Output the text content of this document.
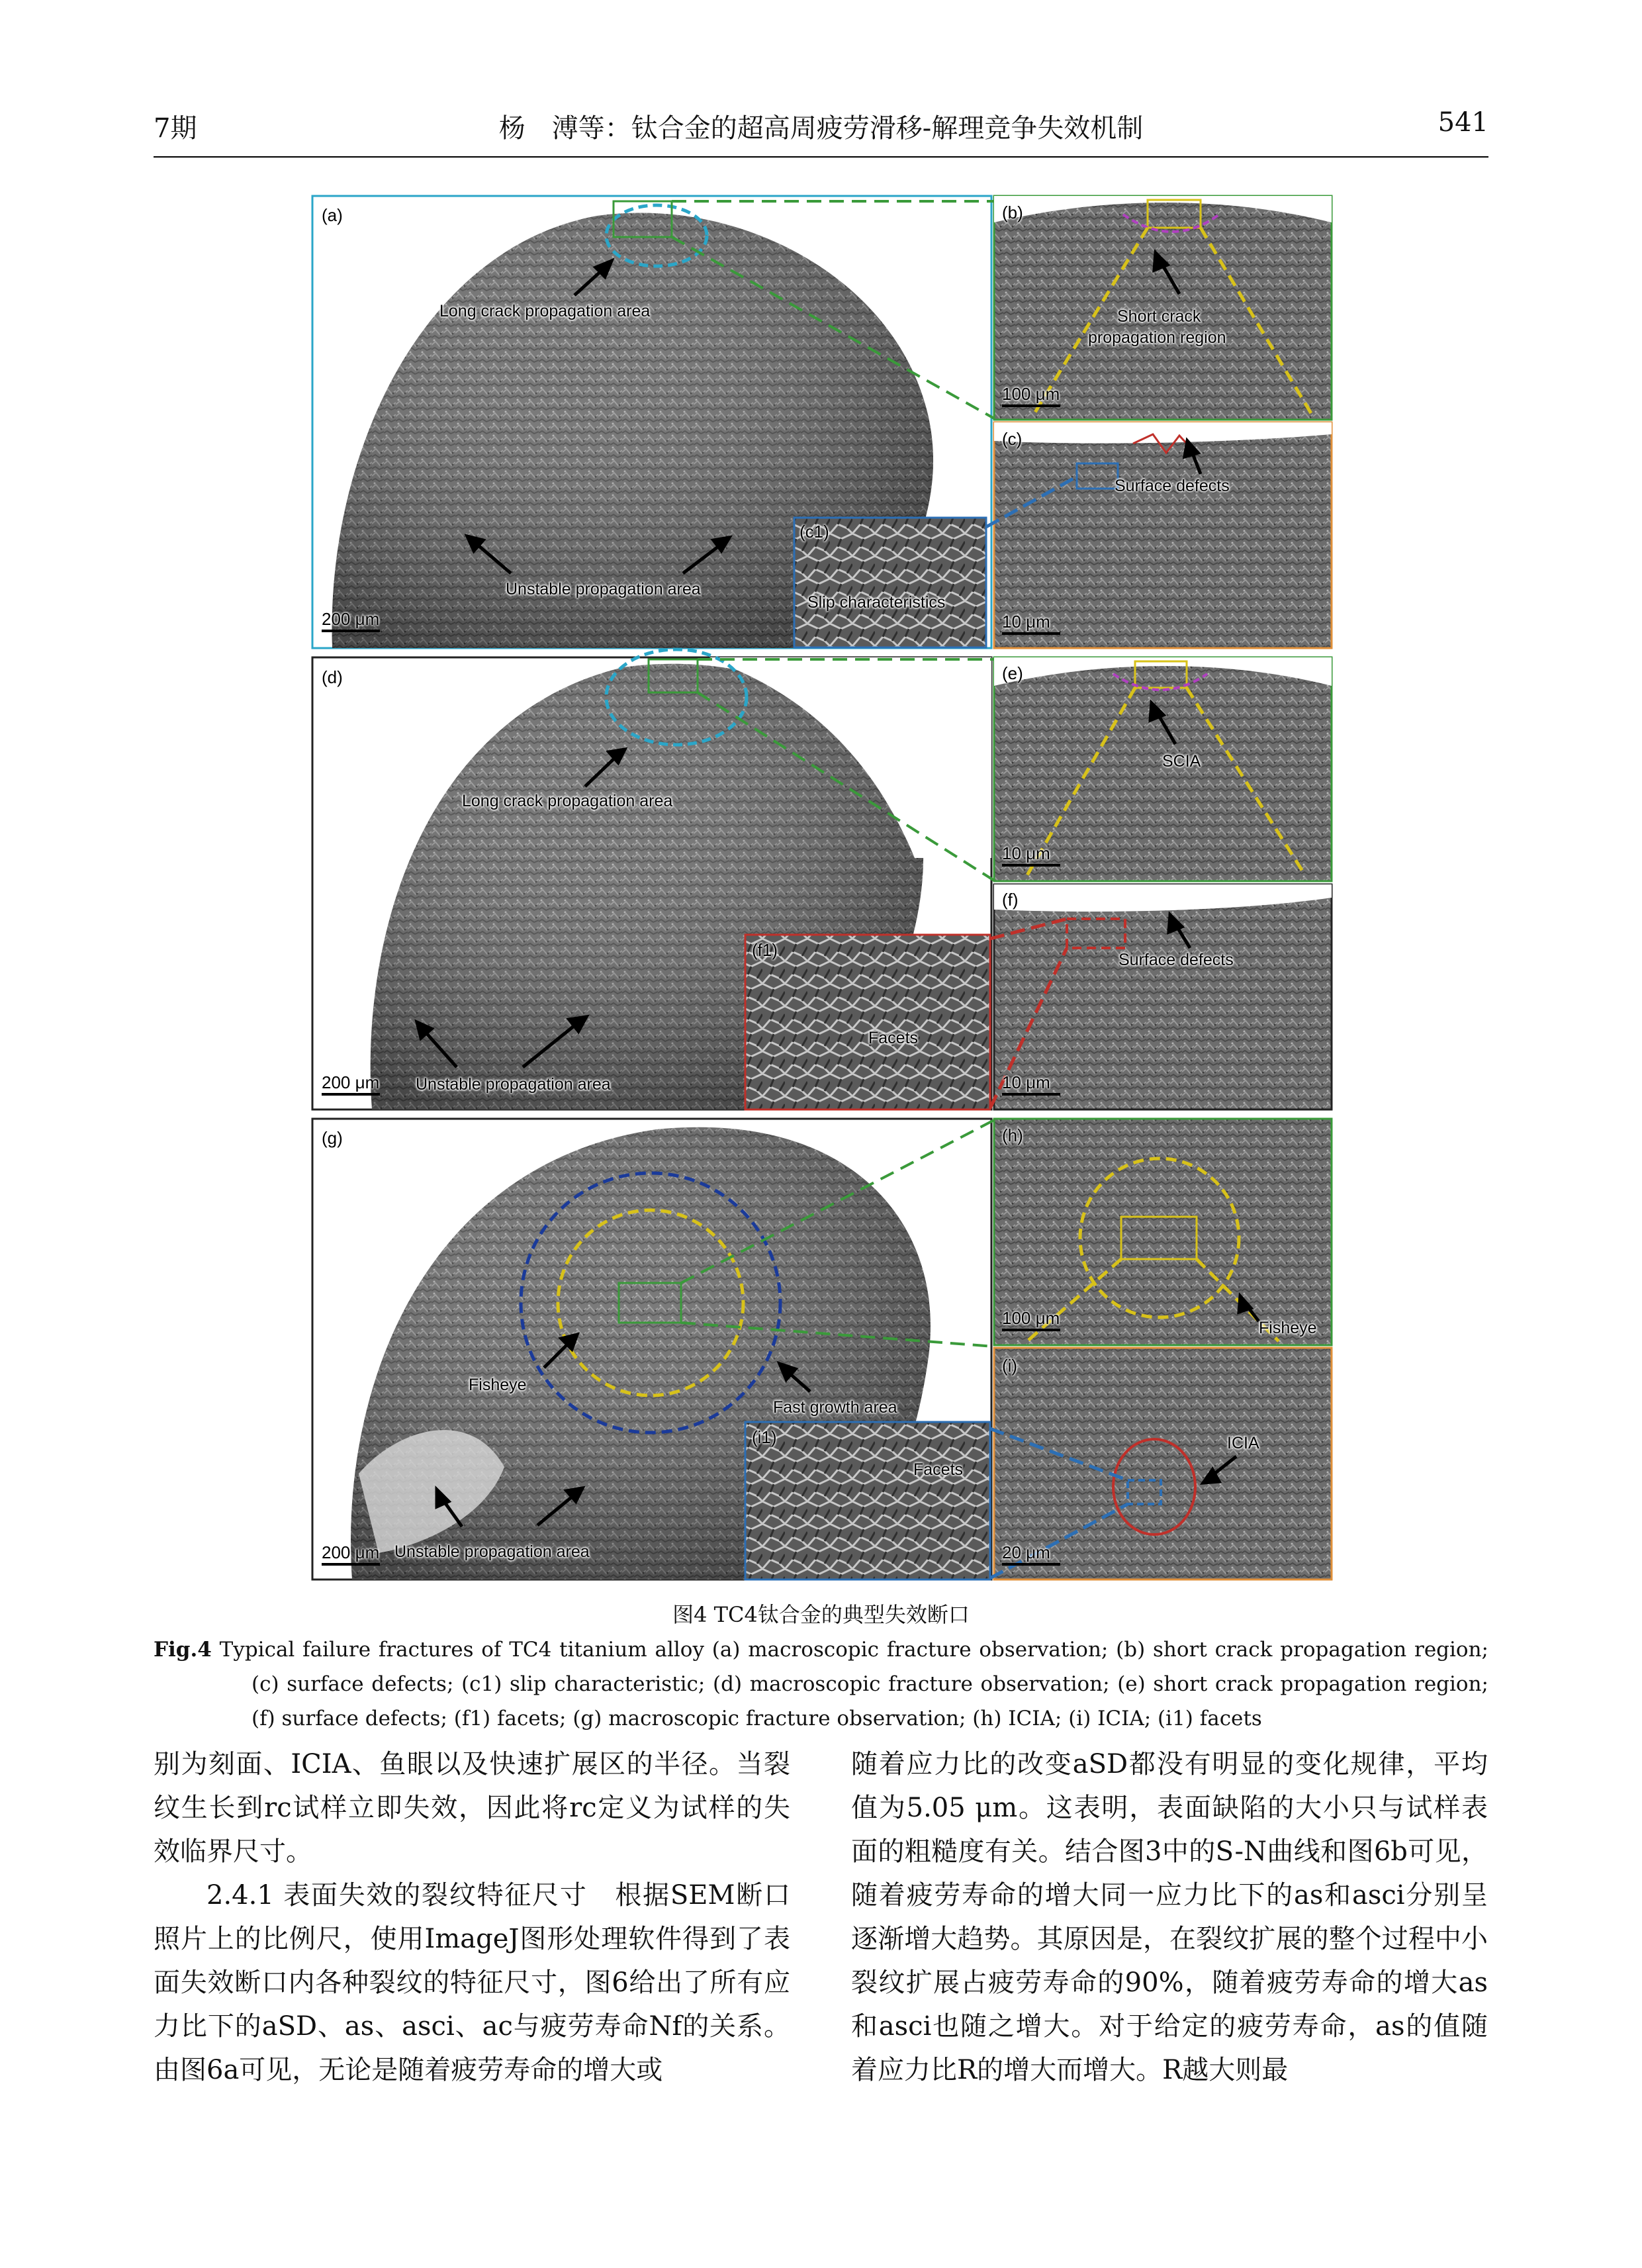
7期	杨　溥等：钛合金的超高周疲劳滑移-解理竞争失效机制	541
(a)
Long crack propagation area
Unstable propagation area
200 μm
(c1)
Slip characteristics
(b)
Short crack
propagation region
100 μm
(c)
Surface defects
10 μm
(d)
Long crack propagation area
Unstable propagation area
200 μm
(f1)
Facets
(e)
SCIA
10 μm
(f)
Surface defects
10 μm
(g)
Fisheye
Fast growth area
Unstable propagation area
200 μm
(i1)
Facets
(h)
Fisheye
100 μm
(i)
ICIA
20 μm
图4 TC4钛合金的典型失效断口
Fig.4 Typical failure fractures of TC4 titanium alloy (a) macroscopic fracture observation; (b) short crack propagation region; (c) surface defects; (c1) slip characteristic; (d) macroscopic fracture observation; (e) short crack propagation region; (f) surface defects; (f1) facets; (g) macroscopic fracture observation; (h) ICIA; (i) ICIA; (i1) facets

别为刻面、ICIA、鱼眼以及快速扩展区的半径。当裂纹生长到rc试样立即失效，因此将rc定义为试样的失效临界尺寸。

2.4.1 表面失效的裂纹特征尺寸　根据SEM断口照片上的比例尺，使用ImageJ图形处理软件得到了表面失效断口内各种裂纹的特征尺寸，图6给出了所有应力比下的aSD、as、asci、ac与疲劳寿命Nf的关系。由图6a可见，无论是随着疲劳寿命的增大或

随着应力比的改变aSD都没有明显的变化规律，平均值为5.05 μm。这表明，表面缺陷的大小只与试样表面的粗糙度有关。结合图3中的S-N曲线和图6b可见，随着疲劳寿命的增大同一应力比下的as和asci分别呈逐渐增大趋势。其原因是，在裂纹扩展的整个过程中小裂纹扩展占疲劳寿命的90%，随着疲劳寿命的增大as和asci也随之增大。对于给定的疲劳寿命，as的值随着应力比R的增大而增大。R越大则最
